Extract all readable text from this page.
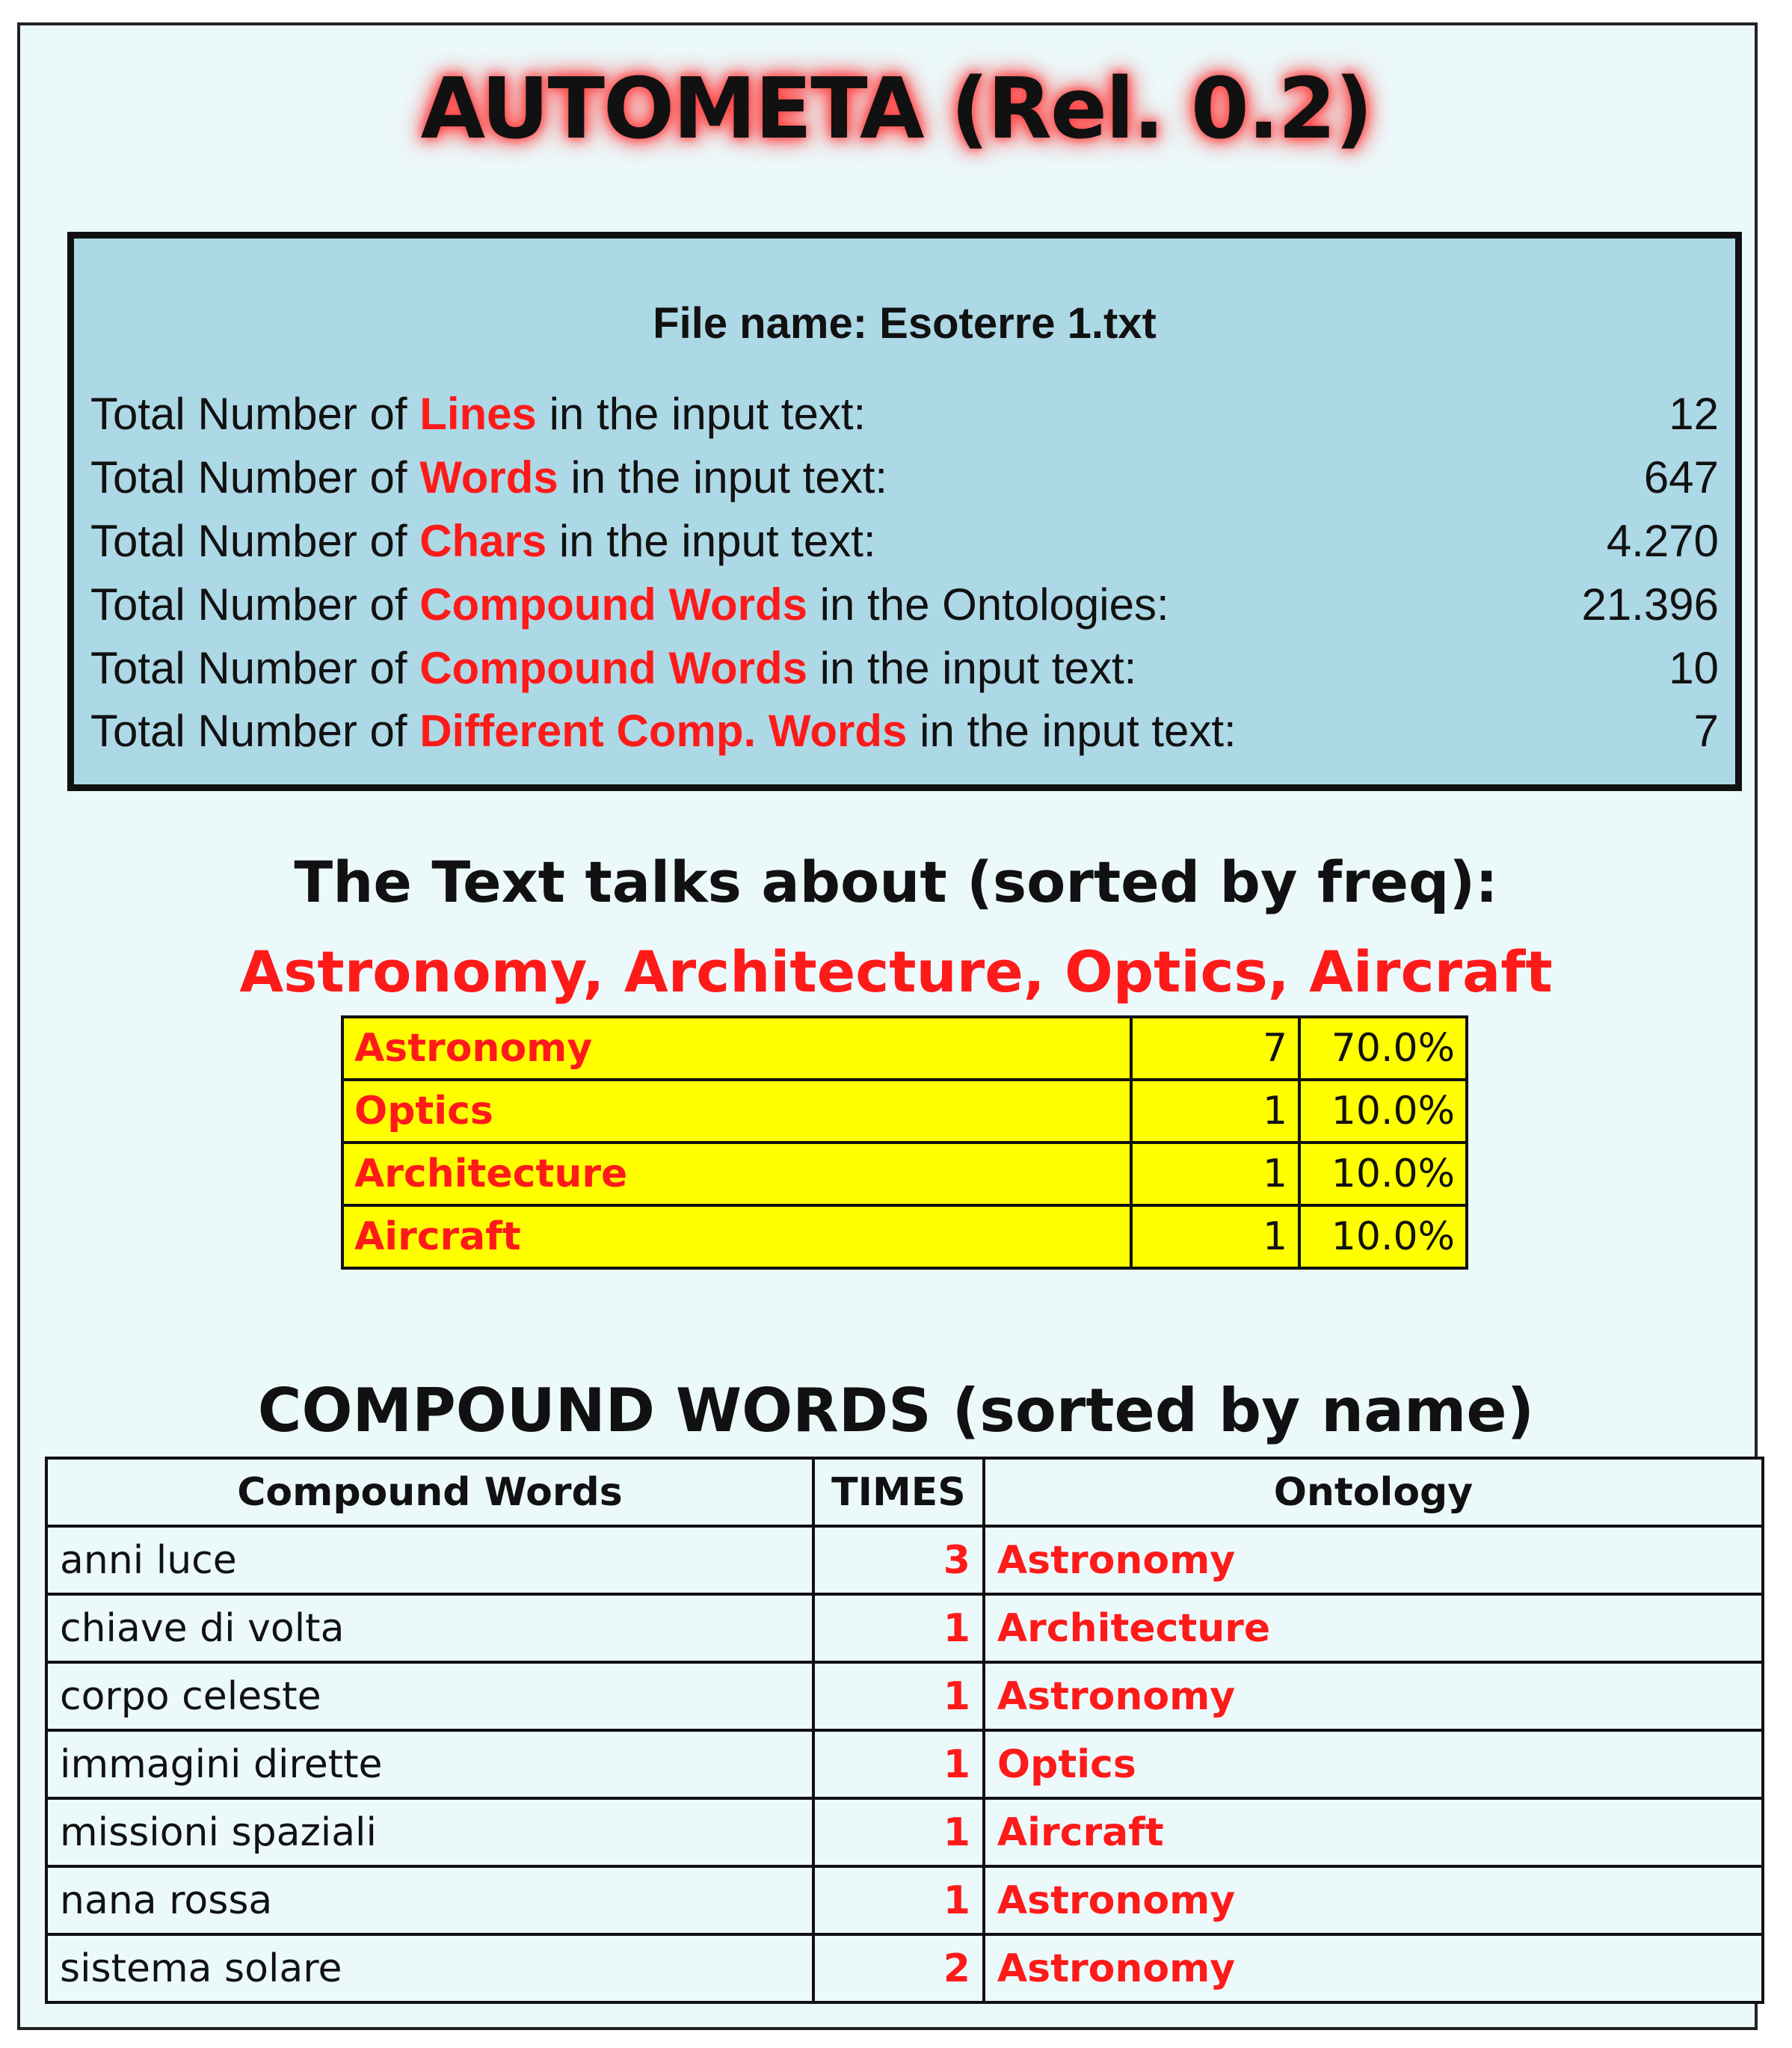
AUTOMETA (Rel. 0.2)
File name: Esoterre 1.txt
Total Number of Lines in the input text:	12
Total Number of Words in the input text:	647
Total Number of Chars in the input text:	4.270
Total Number of Compound Words in the Ontologies:	21.396
Total Number of Compound Words in the input text:	10
Total Number of Different Comp. Words in the input text:	7
The Text talks about (sorted by freq):
Astronomy, Architecture, Optics, Aircraft
Astronomy	7	70.0%
Optics	1	10.0%
Architecture	1	10.0%
Aircraft	1	10.0%
COMPOUND WORDS (sorted by name)
Compound Words	TIMES	Ontology
anni luce	3	Astronomy
chiave di volta	1	Architecture
corpo celeste	1	Astronomy
immagini dirette	1	Optics
missioni spaziali	1	Aircraft
nana rossa	1	Astronomy
sistema solare	2	Astronomy
